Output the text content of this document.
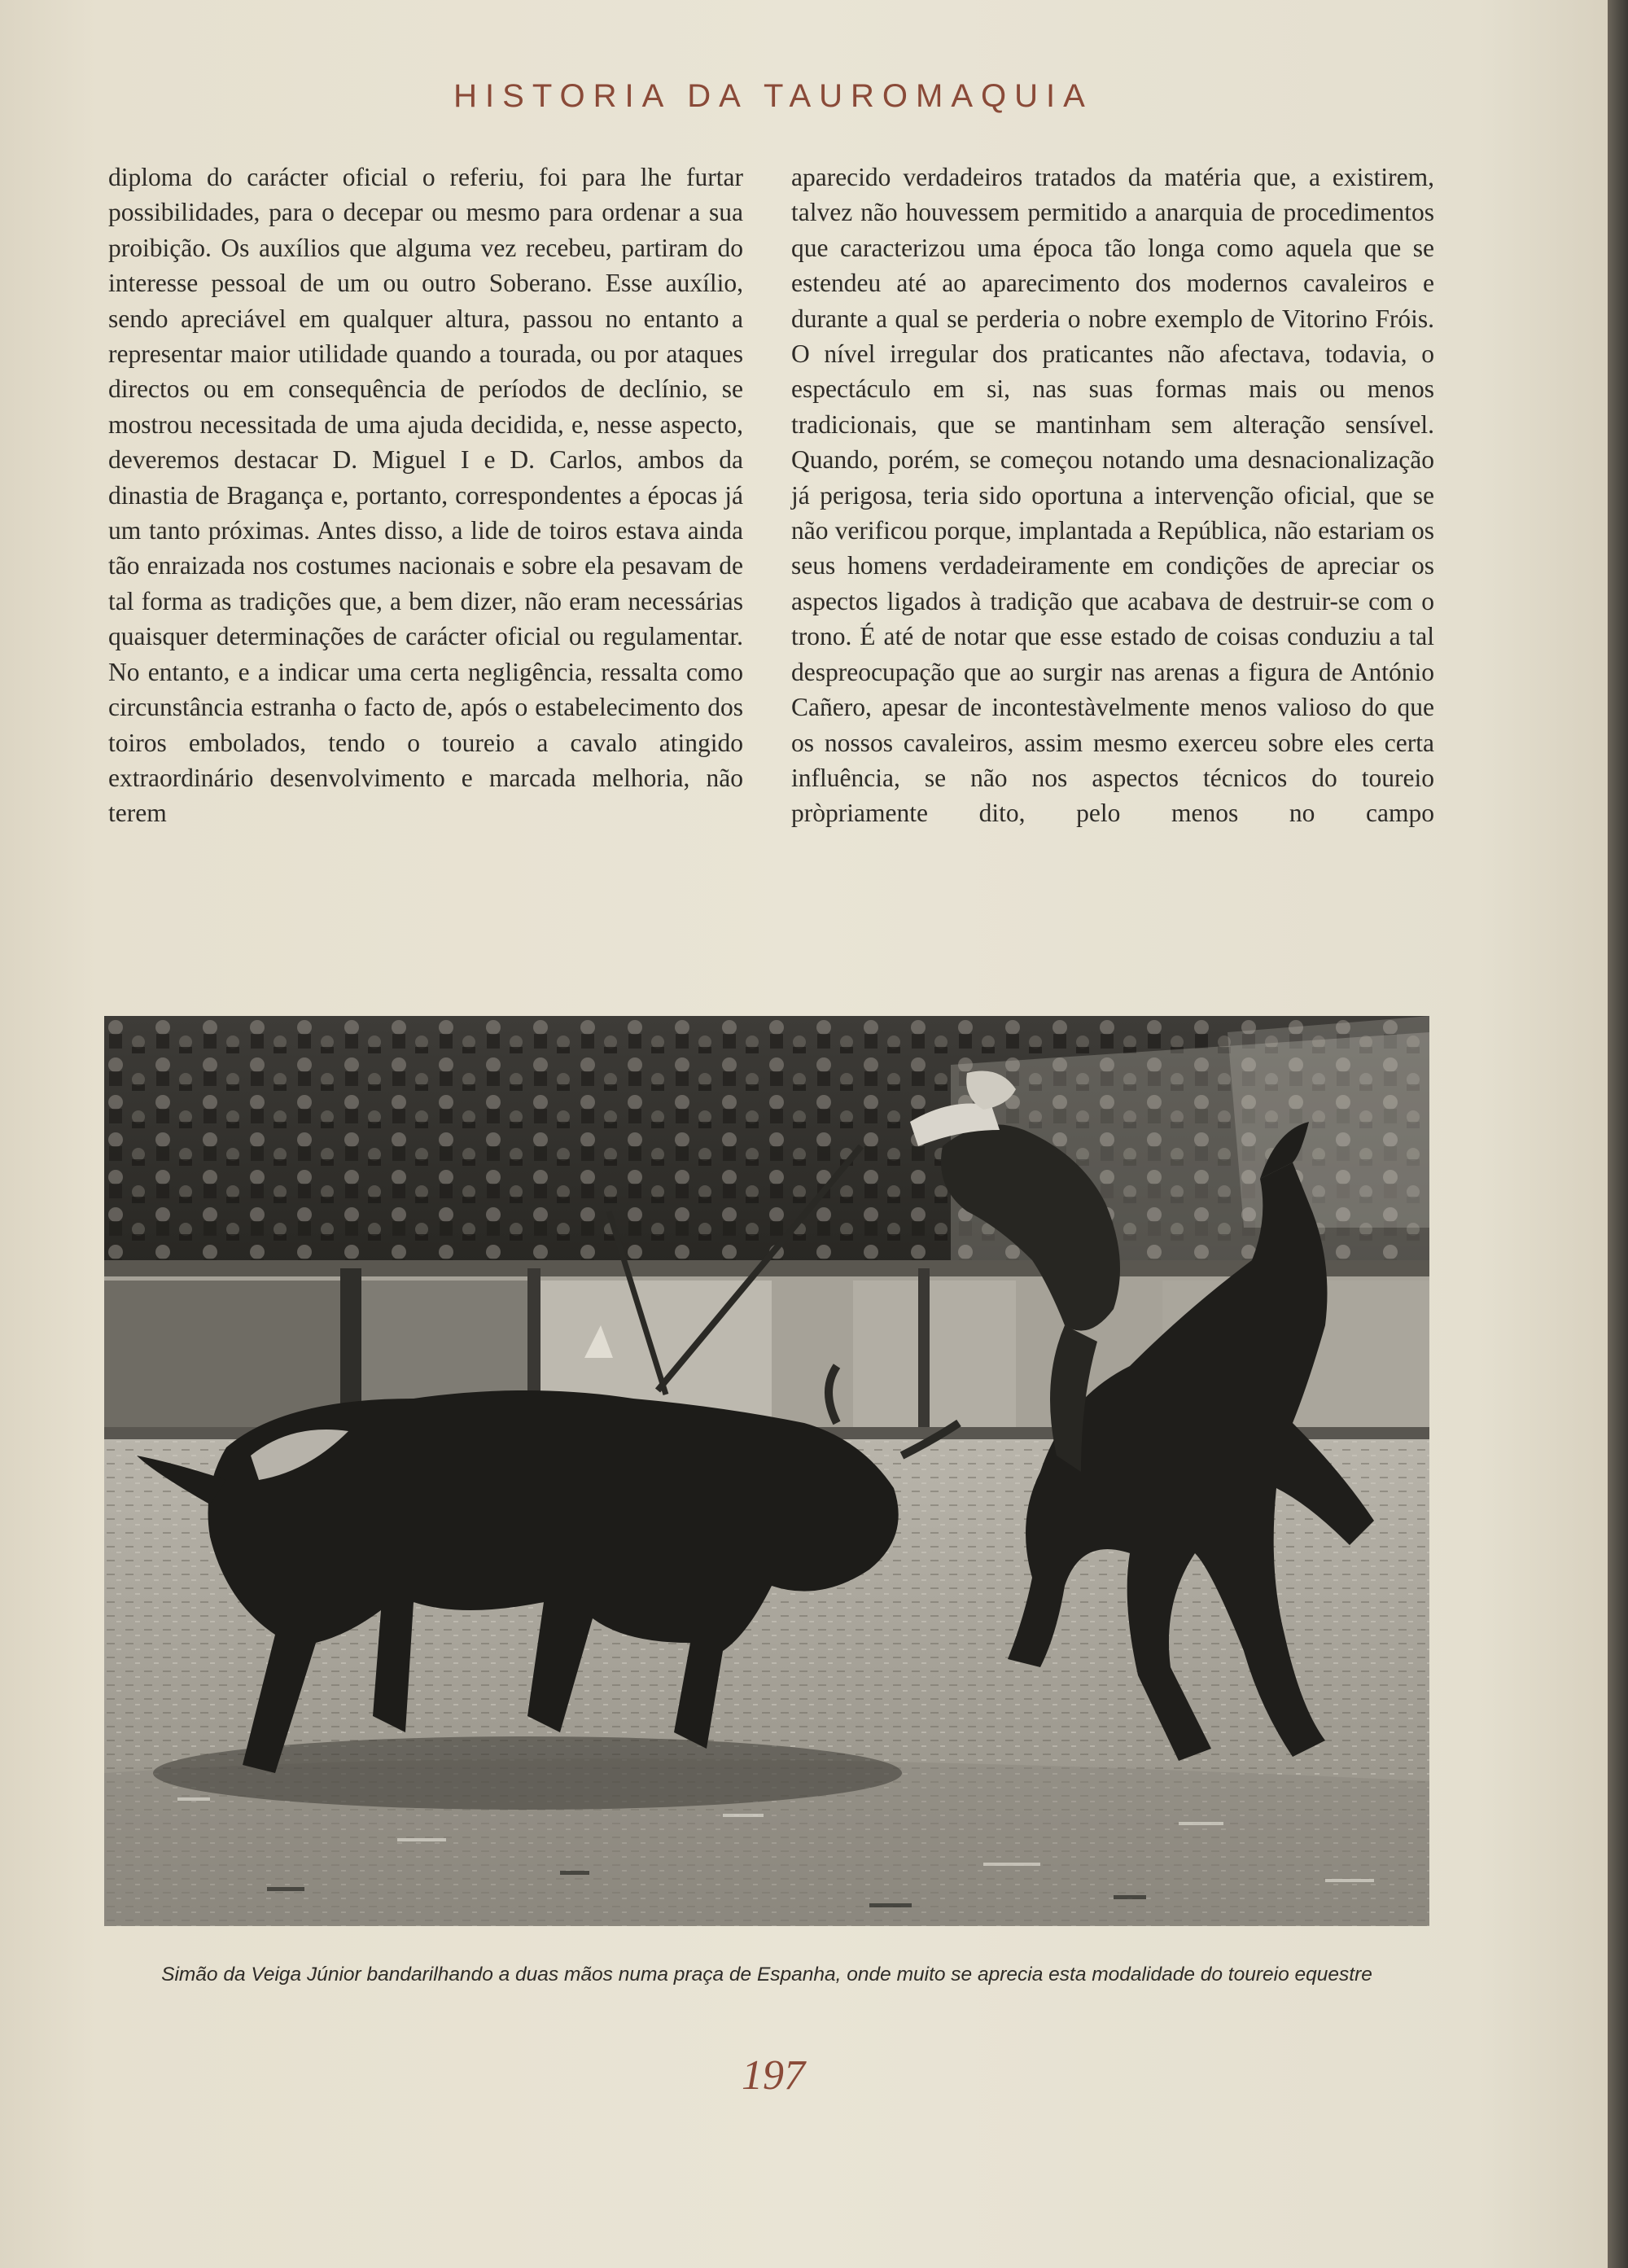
HISTORIA DA TAUROMAQUIA

diploma do carácter oficial o referiu, foi para lhe furtar possibilidades, para o decepar ou mesmo para ordenar a sua proibição. Os auxílios que alguma vez recebeu, partiram do interesse pessoal de um ou outro Soberano. Esse auxílio, sendo apreciável em qualquer altura, passou no entanto a representar maior utilidade quando a tourada, ou por ataques directos ou em consequência de períodos de declínio, se mostrou necessitada de uma ajuda decidida, e, nesse aspecto, deveremos destacar D. Miguel I e D. Carlos, ambos da dinastia de Bragança e, portanto, correspondentes a épocas já um tanto próximas. Antes disso, a lide de toiros estava ainda tão enraizada nos costumes nacionais e sobre ela pesavam de tal forma as tradições que, a bem dizer, não eram necessárias quaisquer determinações de carácter oficial ou regulamentar. No entanto, e a indicar uma certa negligência, ressalta como circunstância estranha o facto de, após o estabelecimento dos toiros embolados, tendo o toureio a cavalo atingido extraordinário desenvolvimento e marcada melhoria, não terem

aparecido verdadeiros tratados da matéria que, a existirem, talvez não houvessem permitido a anarquia de procedimentos que caracterizou uma época tão longa como aquela que se estendeu até ao aparecimento dos modernos cavaleiros e durante a qual se perderia o nobre exemplo de Vitorino Fróis. O nível irregular dos praticantes não afectava, todavia, o espectáculo em si, nas suas formas mais ou menos tradicionais, que se mantinham sem alteração sensível. Quando, porém, se começou notando uma desnacionalização já perigosa, teria sido oportuna a intervenção oficial, que se não verificou porque, implantada a República, não estariam os seus homens verdadeiramente em condições de apreciar os aspectos ligados à tradição que acabava de destruir-se com o trono. É até de notar que esse estado de coisas conduziu a tal despreocupação que ao surgir nas arenas a figura de António Cañero, apesar de incontestàvelmente menos valioso do que os nossos cavaleiros, assim mesmo exerceu sobre eles certa influência, se não nos aspectos técnicos do toureio pròpriamente dito, pelo menos no campo

Simão da Veiga Júnior bandarilhando a duas mãos numa praça de Espanha, onde muito se aprecia esta modalidade do toureio equestre
197
